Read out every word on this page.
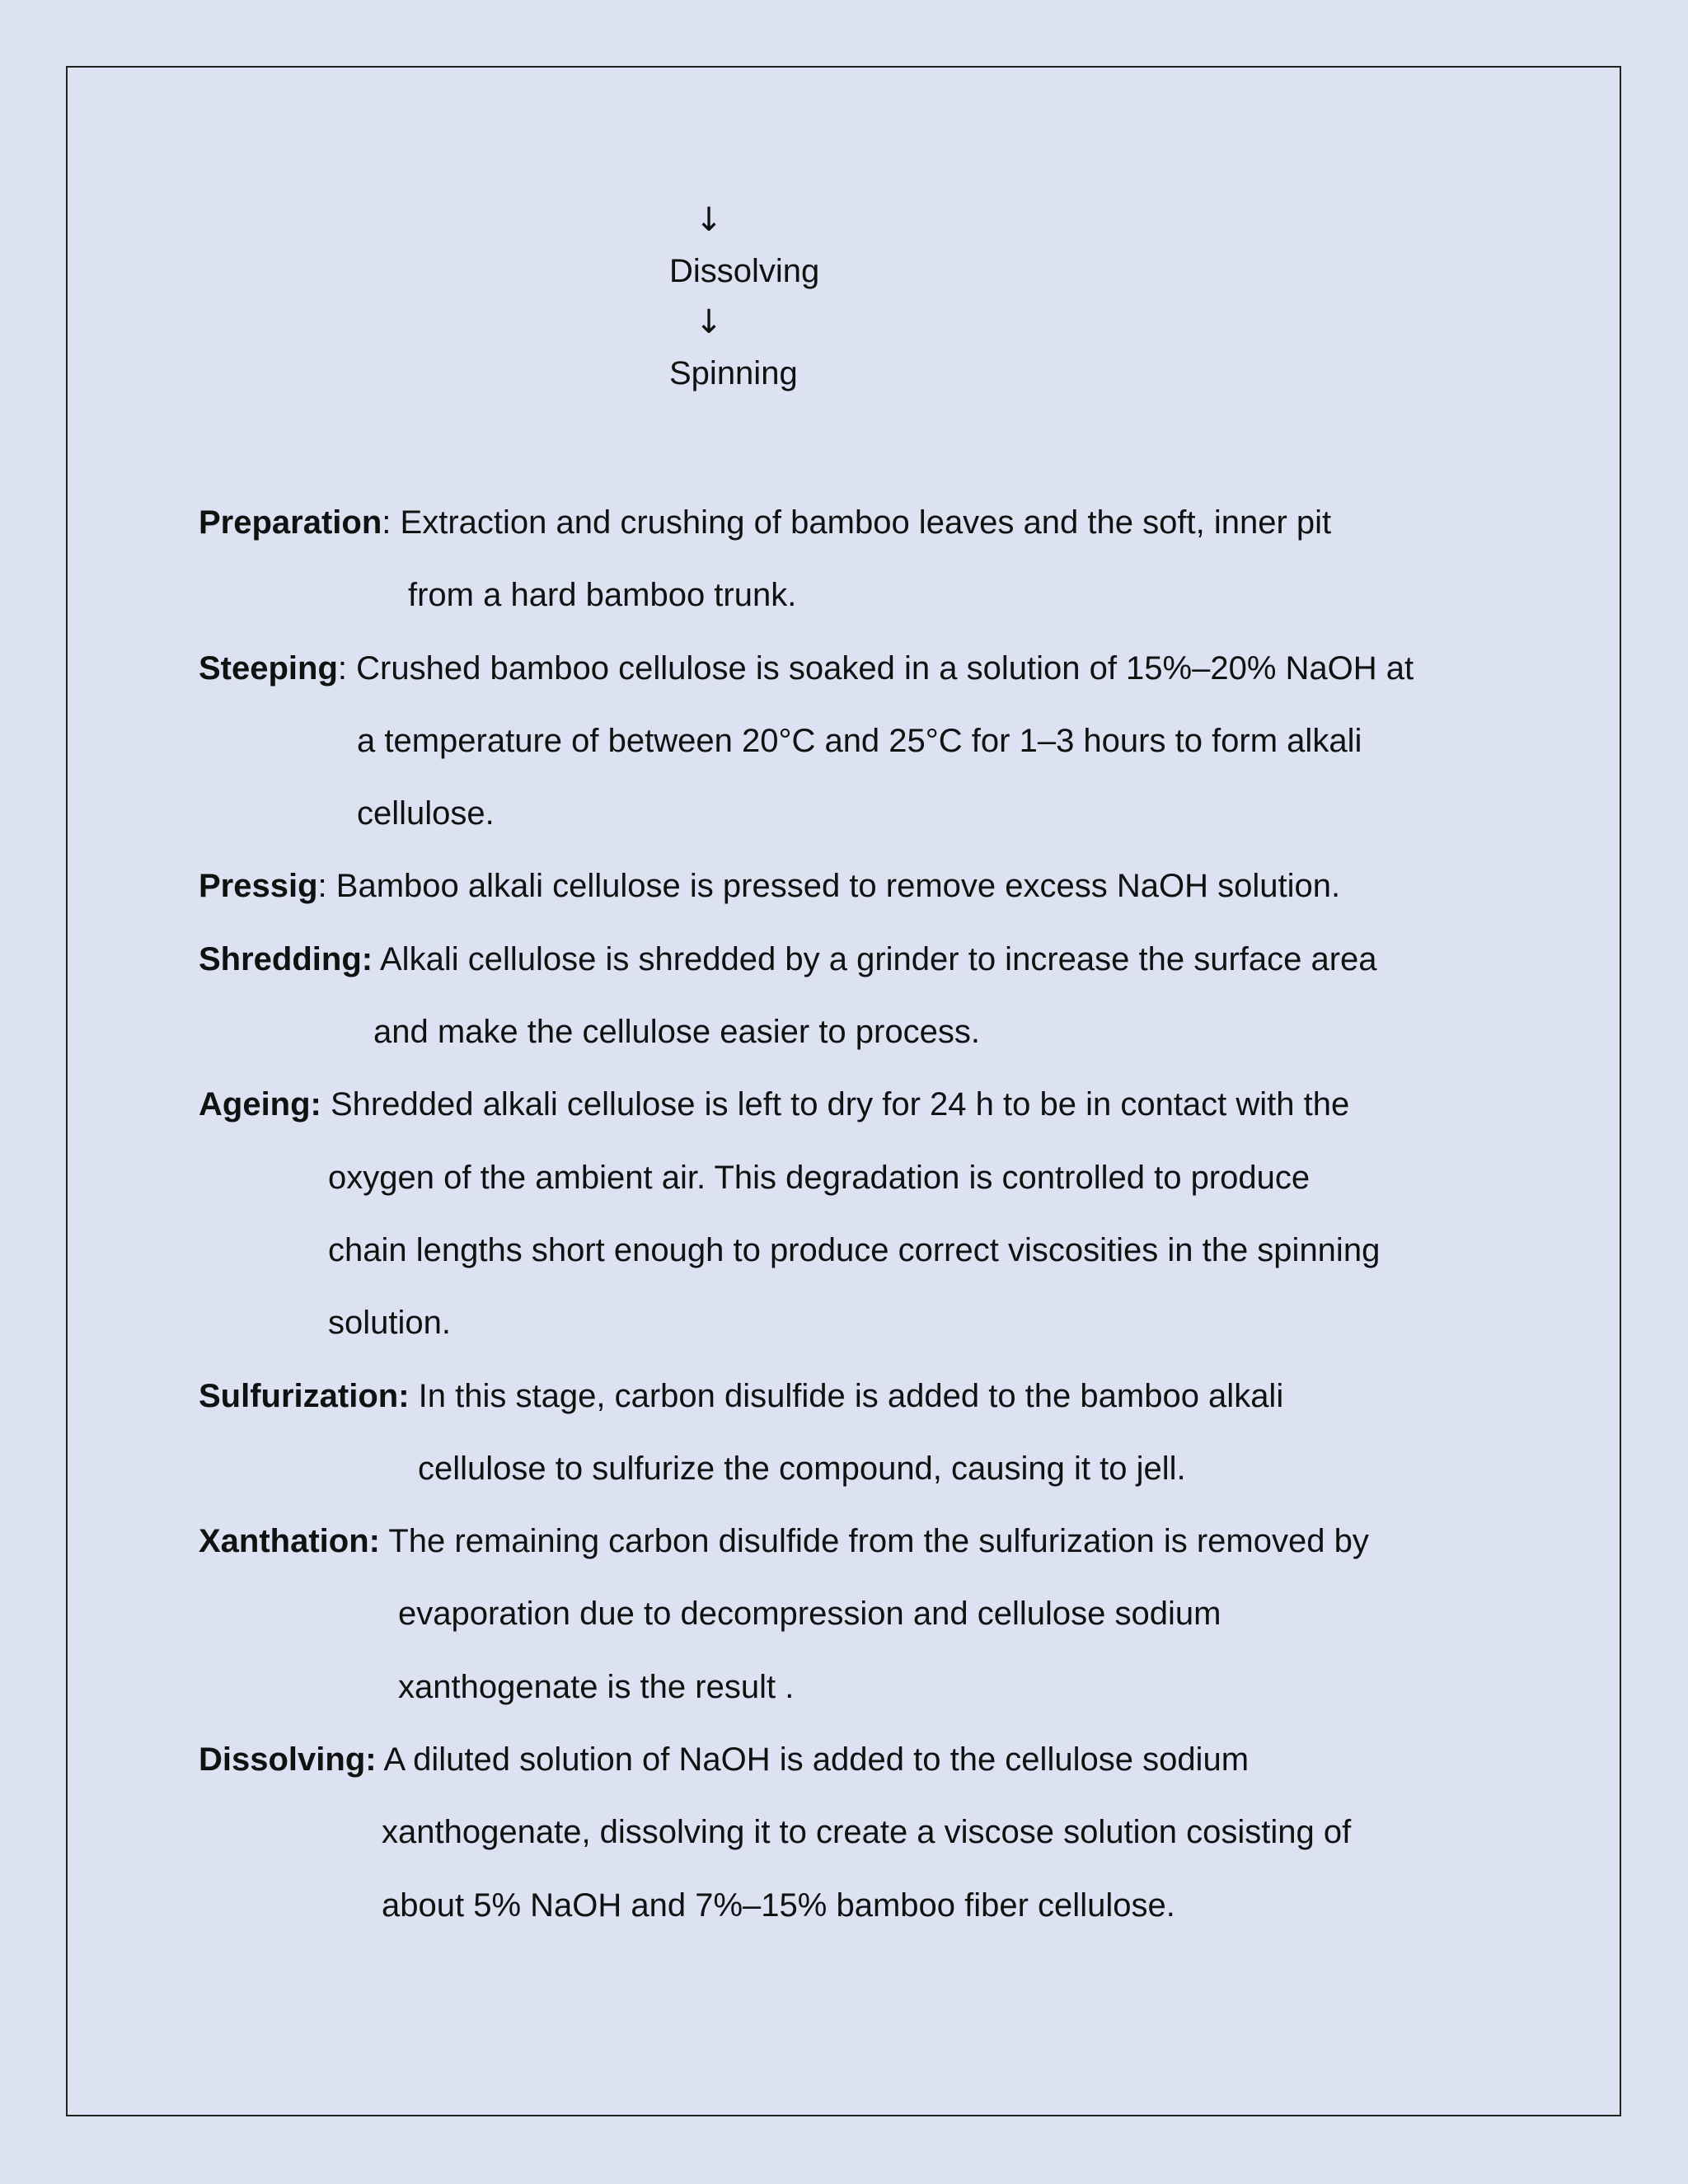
↓
Dissolving
↓
Spinning
Preparation: Extraction and crushing of bamboo leaves and the soft, inner pit
from a hard bamboo trunk.
Steeping: Crushed bamboo cellulose is soaked in a solution of 15%–20% NaOH at
a temperature of between 20°C and 25°C for 1–3 hours to form alkali
cellulose.
Pressig: Bamboo alkali cellulose is pressed to remove excess NaOH solution.
Shredding: Alkali cellulose is shredded by a grinder to increase the surface area
and make the cellulose easier to process.
Ageing: Shredded alkali cellulose is left to dry for 24 h to be in contact with the
oxygen of the ambient air. This degradation is controlled to produce
chain lengths short enough to produce correct viscosities in the spinning
solution.
Sulfurization: In this stage, carbon disulfide is added to the bamboo alkali
cellulose to sulfurize the compound, causing it to jell.
Xanthation: The remaining carbon disulfide from the sulfurization is removed by
evaporation due to decompression and cellulose sodium
xanthogenate is the result .
Dissolving: A diluted solution of NaOH is added to the cellulose sodium
xanthogenate, dissolving it to create a viscose solution cosisting of
about 5% NaOH and 7%–15% bamboo fiber cellulose.
